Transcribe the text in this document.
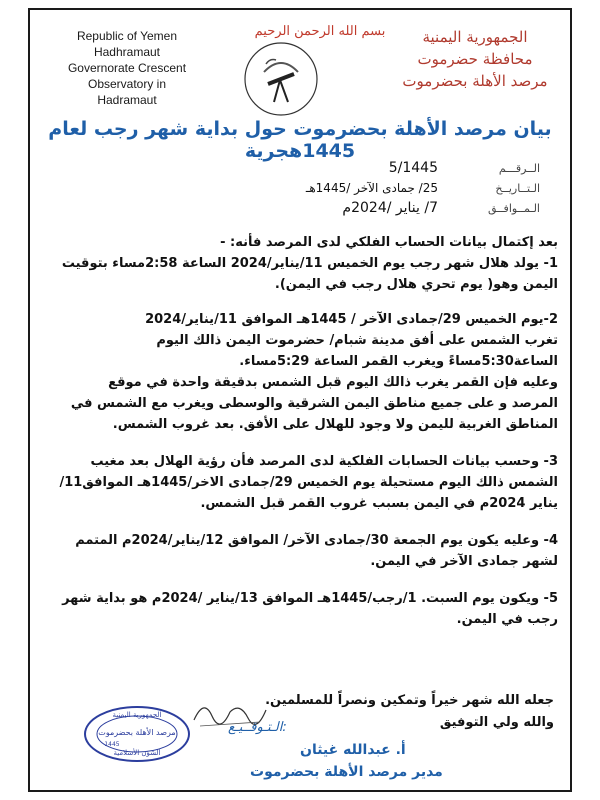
Republic of Yemen
Hadhramaut
Governorate Crescent
Observatory in
Hadramaut
بسم الله الرحمن الرحيم	الجمهورية اليمنية
محافظة حضرموت
مرصد الأهلة بحضرموت
بيان مرصد الأهلة بحضرموت حول بداية شهر رجب لعام 1445هجرية
الــرقـــم
5/1445
الـتــاريــخ
25/ جمادى الآخر /1445هـ
الـمــوافــق
7/ يناير /2024م

بعد إكتمال بيانات الحساب الفلكي لدى المرصد فأنه: -

1- يولد هلال شهر رجب يوم الخميس 11/يناير/2024 الساعة 2:58مساء بتوقيت

اليمن وهو( يوم تحري هلال رجب في اليمن).

2-يوم الخميس 29/جمادى الآخر / 1445هـ الموافق 11/يناير/2024

تغرب الشمس على أفق مدينة شبام/ حضرموت اليمن ذالك اليوم

الساعة5:30مساءً ويغرب القمر الساعة 5:29مساء.

وعليه فإن القمر يغرب ذالك اليوم قبل الشمس بدقيقة واحدة في موقع

المرصد و على جميع مناطق اليمن الشرقية والوسطى ويغرب مع الشمس في

المناطق الغربية لليمن ولا وجود للهلال على الأفق. بعد غروب الشمس.

3- وحسب بيانات الحسابات الفلكية لدى المرصد فأن رؤية الهلال بعد مغيب

الشمس ذالك اليوم مستحيلة يوم الخميس 29/جمادى الاخر/1445هـ الموافق11/

يناير 2024م في اليمن بسبب غروب القمر قبل الشمس.

4- وعليه يكون يوم الجمعة 30/جمادى الآخر/ الموافق 12/يناير/2024م المتمم

لشهر جمادى الآخر في اليمن.

5- ويكون يوم السبت. 1/رجب/1445هـ الموافق 13/يناير /2024م هو بداية شهر

رجب في اليمن.

جعله الله شهر خيراً وتمكين ونصراً للمسلمين.
والله ولي التوفيق
الجمهورية اليمنية
مرصد الأهلة بحضرموت
الشؤن الأسلامية
1445
الـتـوقــيـع:
أ. عبدالله غيثان
مدير مرصد الأهلة بحضرموت
